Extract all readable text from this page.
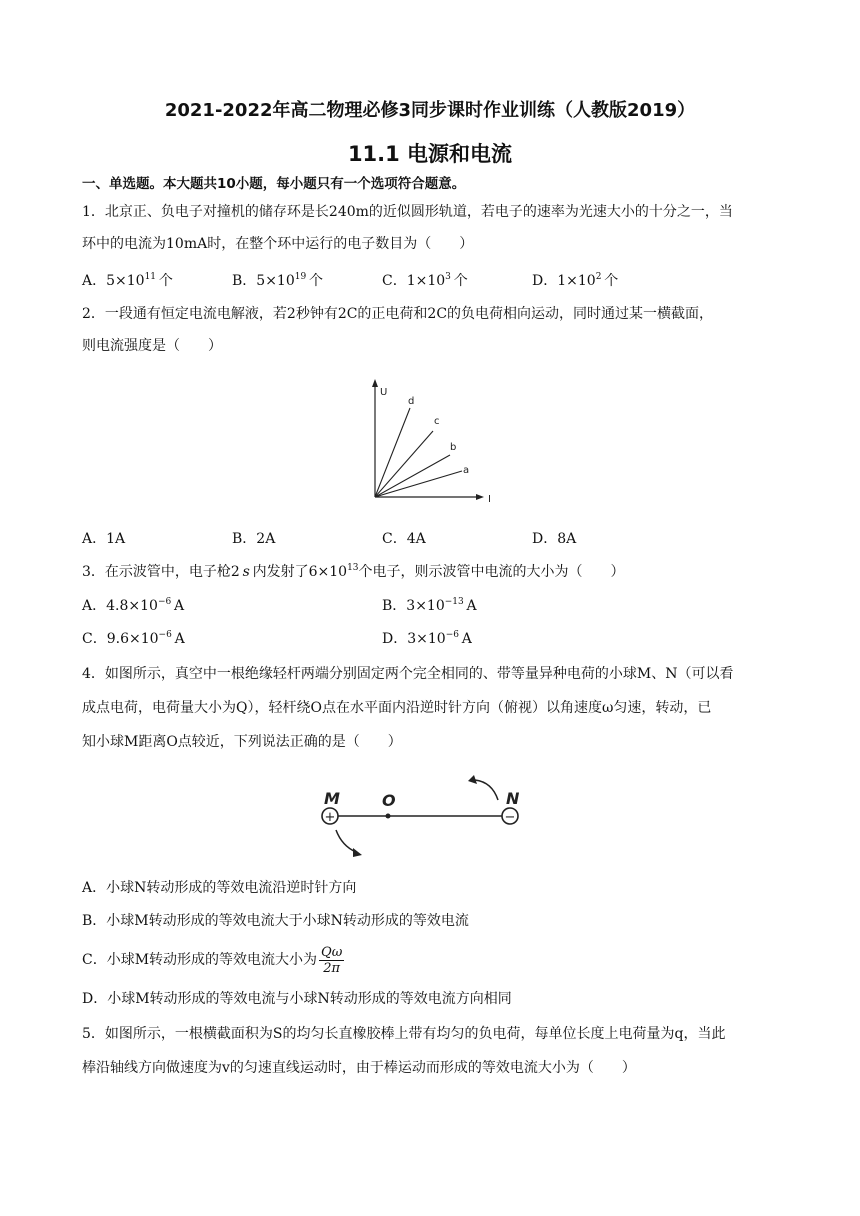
2021-2022年高二物理必修3同步课时作业训练（人教版2019）
11.1 电源和电流
一、单选题。本大题共10小题，每小题只有一个选项符合题意。
1．北京正、负电子对撞机的储存环是长240m的近似圆形轨道，若电子的速率为光速大小的十分之一，当
环中的电流为10mA时，在整个环中运行的电子数目为（　　）
A．$5\times 10^{11}$  个	B．$5\times 10^{19}$  个	C．$1\times 10^3$  个	D．$1\times 10^2$  个
2．一段通有恒定电流电解液，若2秒钟有2C的正电荷和2C的负电荷相向运动，同时通过某一横截面，
则电流强度是（　　）
U
I
d
c
b
a
A．1A	B．2A	C．4A	D．8A
3．在示波管中，电子枪2  s  内发射了$6\times 10^{13}$个电子，则示波管中电流的大小为（　　）
A．$4.8\times 10^{-6}$  A	B．$3\times 10^{-13}$  A
C．$9.6\times 10^{-6}$  A	D．$3\times 10^{-6}$  A
4．如图所示，真空中一根绝缘轻杆两端分别固定两个完全相同的、带等量异种电荷的小球M、N（可以看
成点电荷，电荷量大小为Q），轻杆绕O点在水平面内沿逆时针方向（俯视）以角速度ω匀速，转动，已
知小球M距离O点较近，下列说法正确的是（　　）
+	−
M	O	N
A．小球N转动形成的等效电流沿逆时针方向
B．小球M转动形成的等效电流大于小球N转动形成的等效电流
C．小球M转动形成的等效电流大小为 $\frac{Q\omega}{2\pi}$
D．小球M转动形成的等效电流与小球N转动形成的等效电流方向相同
5．如图所示，一根横截面积为S的均匀长直橡胶棒上带有均匀的负电荷，每单位长度上电荷量为q，当此
棒沿轴线方向做速度为v的匀速直线运动时，由于棒运动而形成的等效电流大小为（　　）
